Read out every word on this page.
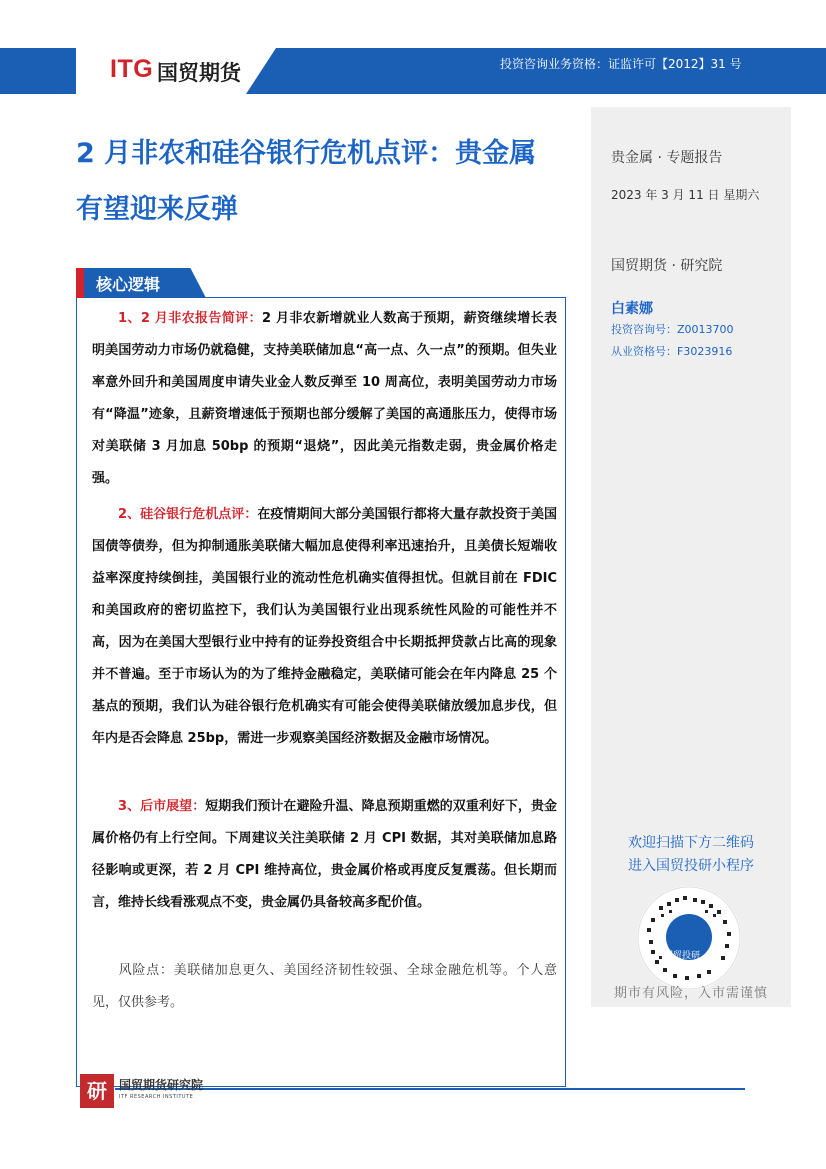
ITG 国贸期货	投资咨询业务资格：证监许可【2012】31 号
2 月非农和硅谷银行危机点评：贵金属有望迎来反弹
贵金属 · 专题报告
2023 年 3 月 11 日 星期六
国贸期货 · 研究院
白素娜
投资咨询号：Z0013700
从业资格号：F3023916
欢迎扫描下方二维码
进入国贸投研小程序
国贸投研
期市有风险，入市需谨慎
核心逻辑
1、2 月非农报告简评：2 月非农新增就业人数高于预期，薪资继续增长表明美国劳动力市场仍就稳健，支持美联储加息“高一点、久一点”的预期。但失业率意外回升和美国周度申请失业金人数反弹至 10 周高位，表明美国劳动力市场有“降温”迹象，且薪资增速低于预期也部分缓解了美国的高通胀压力，使得市场对美联储 3 月加息 50bp 的预期“退烧”，因此美元指数走弱，贵金属价格走强。
2、硅谷银行危机点评：在疫情期间大部分美国银行都将大量存款投资于美国国债等债券，但为抑制通胀美联储大幅加息使得利率迅速抬升，且美债长短端收益率深度持续倒挂，美国银行业的流动性危机确实值得担忧。但就目前在 FDIC 和美国政府的密切监控下，我们认为美国银行业出现系统性风险的可能性并不高，因为在美国大型银行业中持有的证券投资组合中长期抵押贷款占比高的现象并不普遍。至于市场认为的为了维持金融稳定，美联储可能会在年内降息 25 个基点的预期，我们认为硅谷银行危机确实有可能会使得美联储放缓加息步伐，但年内是否会降息 25bp，需进一步观察美国经济数据及金融市场情况。
3、后市展望：短期我们预计在避险升温、降息预期重燃的双重利好下，贵金属价格仍有上行空间。下周建议关注美联储 2 月 CPI 数据，其对美联储加息路径影响或更深，若 2 月 CPI 维持高位，贵金属价格或再度反复震荡。但长期而言，维持长线看涨观点不变，贵金属仍具备较高多配价值。
风险点：美联储加息更久、美国经济韧性较强、全球金融危机等。个人意见，仅供参考。
研	国贸期货研究院
ITF RESEARCH INSTITUTE
